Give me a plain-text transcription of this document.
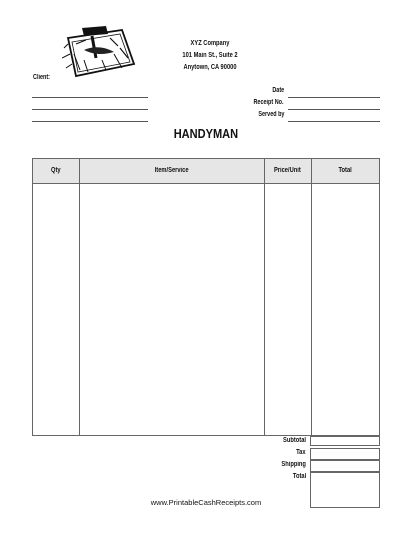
XYZ Company
101 Main St., Suite 2
Anytown, CA 90000
Client:
Date
Receipt No.
Served by
HANDYMAN
Qty	Item/Service	Price/Unit	Total
Subtotal
Tax
Shipping
Total
www.PrintableCashReceipts.com
